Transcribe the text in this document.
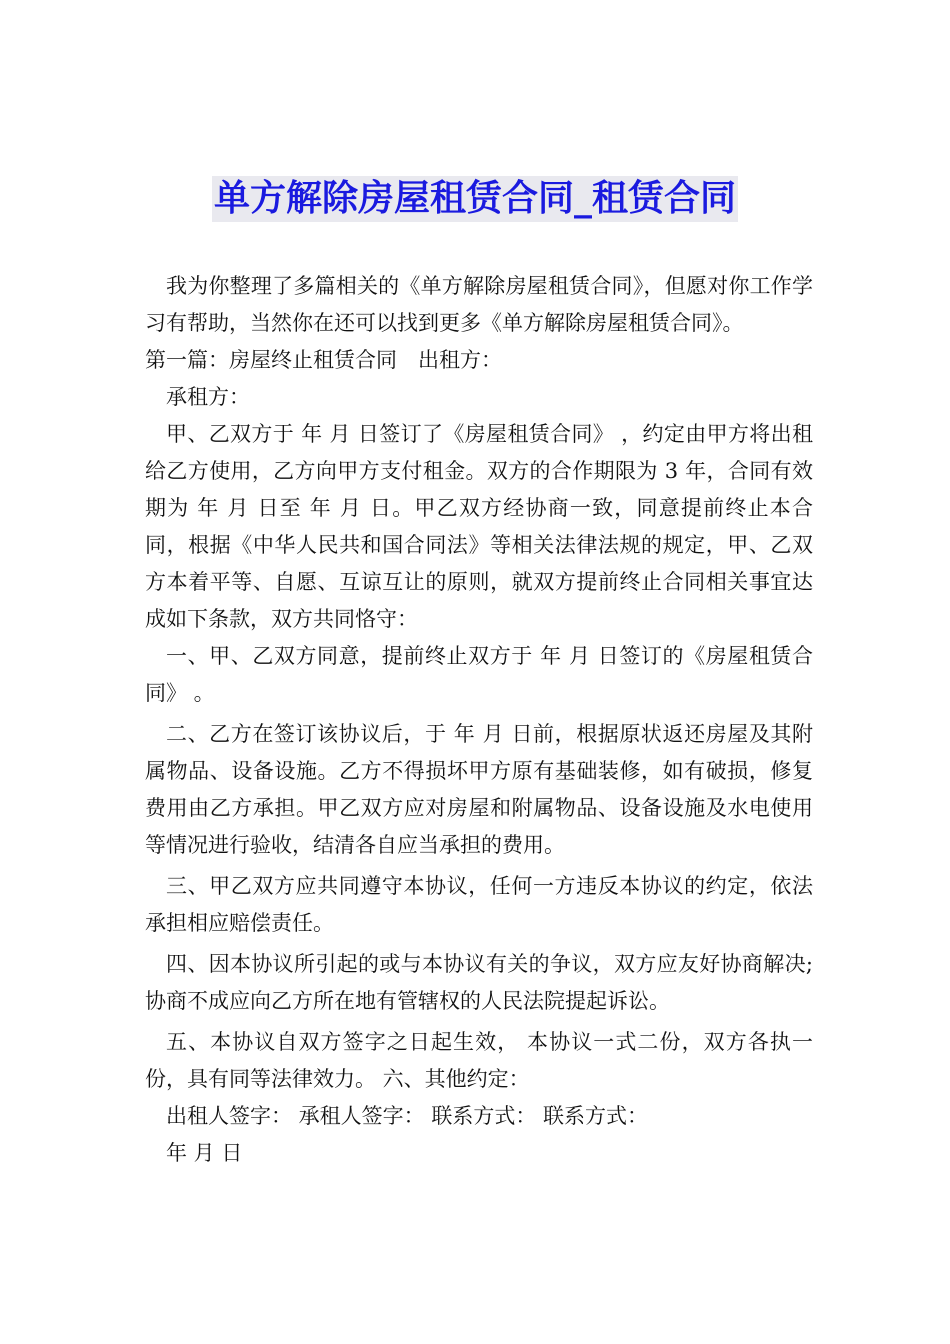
单方解除房屋租赁合同_租赁合同

我为你整理了多篇相关的《单方解除房屋租赁合同》，但愿对你工作学习有帮助，当然你在还可以找到更多《单方解除房屋租赁合同》。

第一篇：房屋终止租赁合同　出租方：

承租方：

甲、乙双方于 年 月 日签订了《房屋租赁合同》 ，约定由甲方将出租给乙方使用，乙方向甲方支付租金。双方的合作期限为 3 年，合同有效期为 年 月 日至 年 月 日。甲乙双方经协商一致，同意提前终止本合同，根据《中华人民共和国合同法》等相关法律法规的规定，甲、乙双方本着平等、自愿、互谅互让的原则，就双方提前终止合同相关事宜达成如下条款，双方共同恪守：

一、甲、乙双方同意，提前终止双方于 年 月 日签订的《房屋租赁合同》 。

二、乙方在签订该协议后，于 年 月 日前，根据原状返还房屋及其附属物品、设备设施。乙方不得损坏甲方原有基础装修，如有破损，修复费用由乙方承担。甲乙双方应对房屋和附属物品、设备设施及水电使用等情况进行验收，结清各自应当承担的费用。

三、甲乙双方应共同遵守本协议，任何一方违反本协议的约定，依法承担相应赔偿责任。

四、因本协议所引起的或与本协议有关的争议，双方应友好协商解决;协商不成应向乙方所在地有管辖权的人民法院提起诉讼。

五、本协议自双方签字之日起生效， 本协议一式二份，双方各执一份，具有同等法律效力。 六、其他约定：

出租人签字： 承租人签字： 联系方式： 联系方式：

年 月 日
